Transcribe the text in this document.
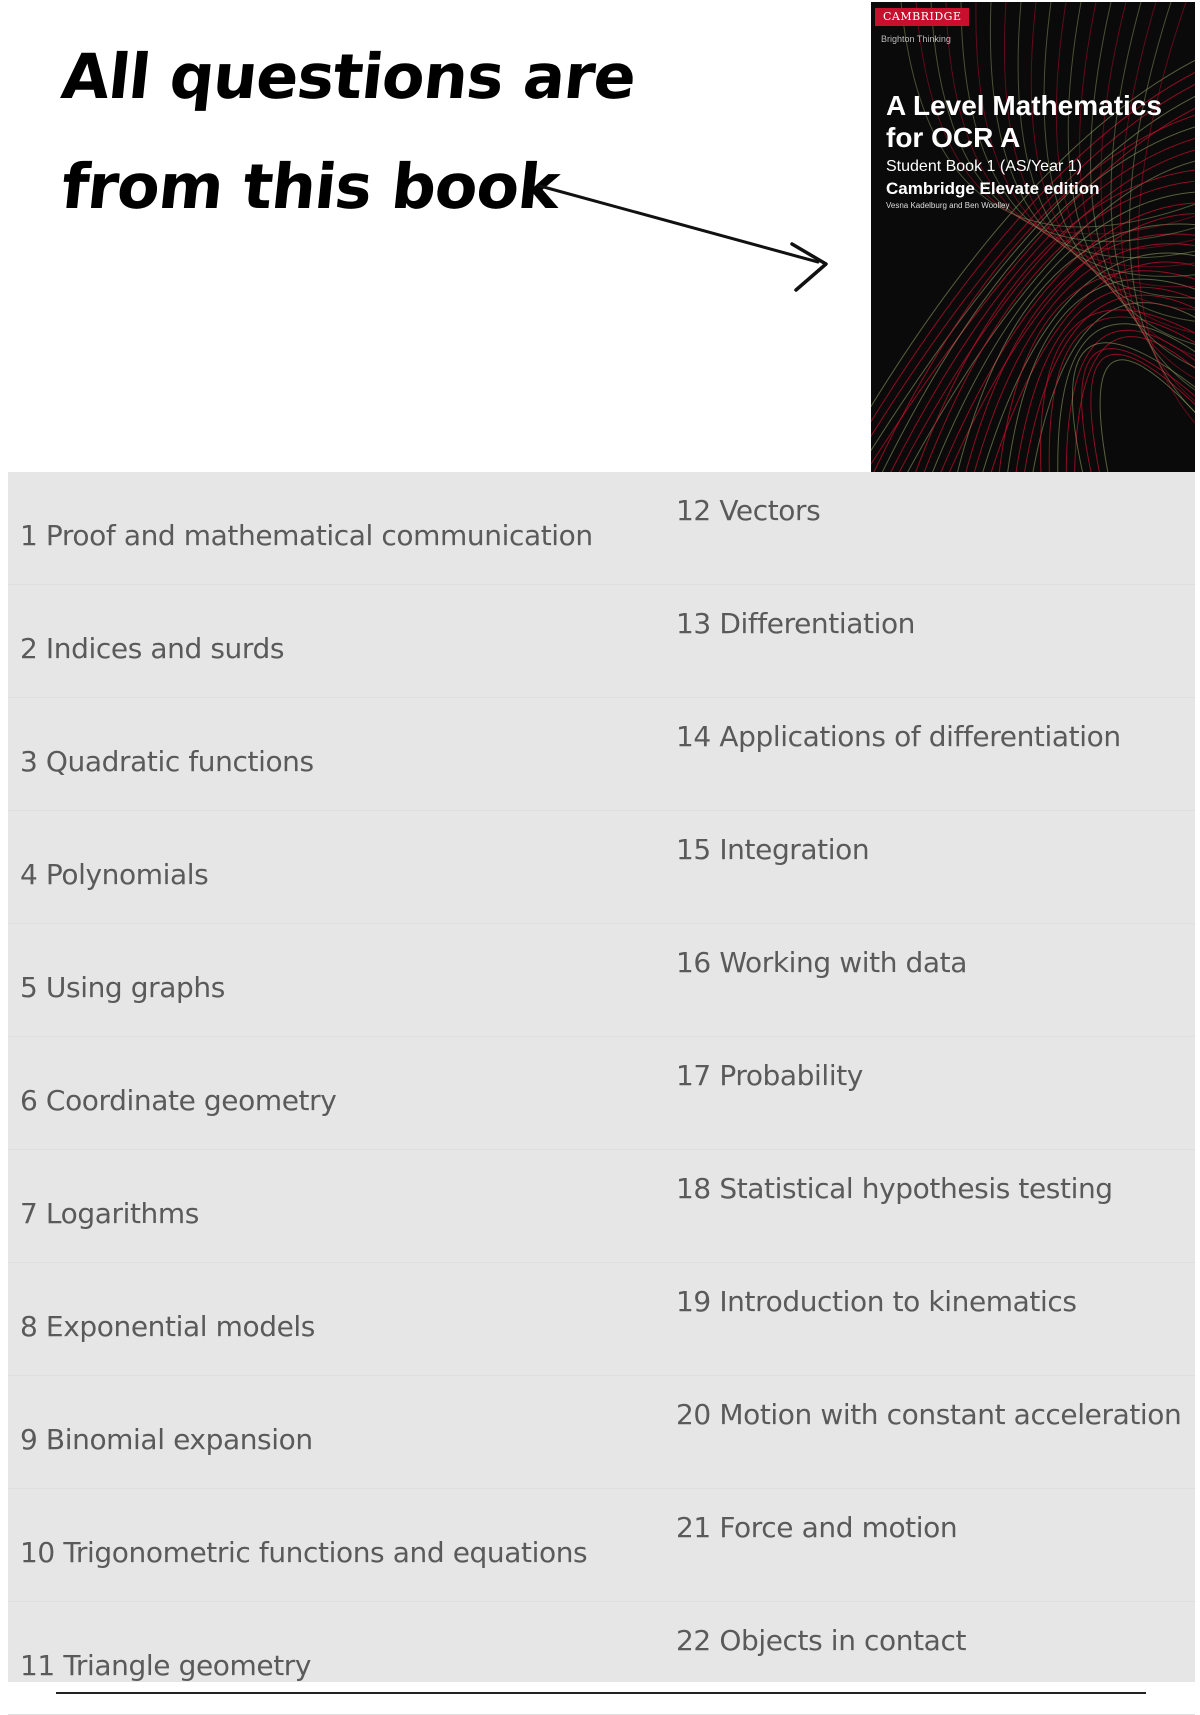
All questions are
from this book
CAMBRIDGE
Brighton Thinking
A Level Mathematics for OCR A
Student Book 1 (AS/Year 1)
Cambridge Elevate edition
Vesna Kadelburg and Ben Woolley
1 Proof and mathematical communication
2 Indices and surds
3 Quadratic functions
4 Polynomials
5 Using graphs
6 Coordinate geometry
7 Logarithms
8 Exponential models
9 Binomial expansion
10 Trigonometric functions and equations
11 Triangle geometry
12 Vectors
13 Differentiation
14 Applications of differentiation
15 Integration
16 Working with data
17 Probability
18 Statistical hypothesis testing
19 Introduction to kinematics
20 Motion with constant acceleration
21 Force and motion
22 Objects in contact
